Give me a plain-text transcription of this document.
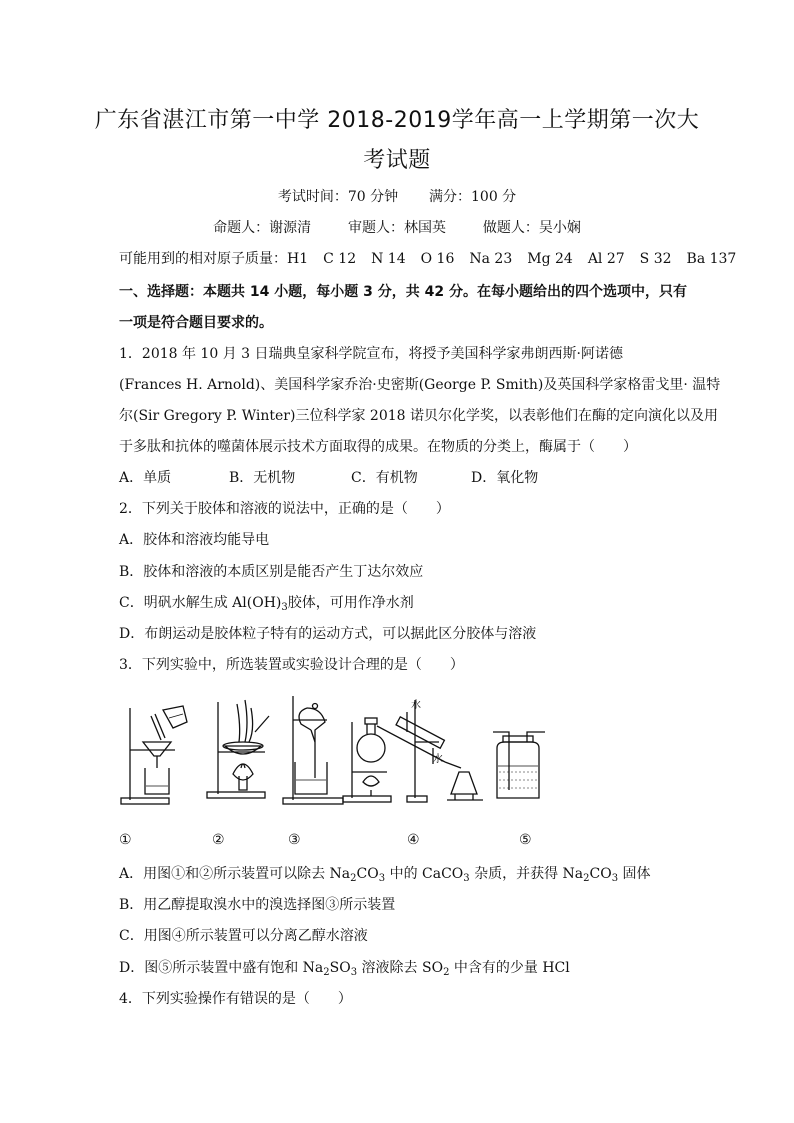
广东省湛江市第一中学 2018-2019学年高一上学期第一次大
考试题
考试时间：70 分钟 满分：100 分
命题人：谢源清	审题人：林国英	做题人：吴小娴
可能用到的相对原子质量：H1 C 12 N 14 O 16 Na 23 Mg 24 Al 27 S 32 Ba 137
一、选择题：本题共 14 小题，每小题 3 分，共 42 分。在每小题给出的四个选项中，只有
一项是符合题目要求的。
1．2018 年 10 月 3 日瑞典皇家科学院宣布，将授予美国科学家弗朗西斯·阿诺德
(Frances H. Arnold)、美国科学家乔治·史密斯(George P. Smith)及英国科学家格雷戈里· 温特
尔(Sir Gregory P. Winter)三位科学家 2018 诺贝尔化学奖，以表彰他们在酶的定向演化以及用
于多肽和抗体的噬菌体展示技术方面取得的成果。在物质的分类上，酶属于（　　）
A．单质	B．无机物	C．有机物	D．氧化物
2．下列关于胶体和溶液的说法中，正确的是（　　）
A．胶体和溶液均能导电
B．胶体和溶液的本质区别是能否产生丁达尔效应
C．明矾水解生成 $Al(OH)_3$胶体，可用作净水剂
D．布朗运动是胶体粒子特有的运动方式，可以据此区分胶体与溶液
3．下列实验中，所选装置或实验设计合理的是（　　）
水
水
①	②	③	④	⑤
A．用图①和②所示装置可以除去 $Na_2CO_3$ 中的 CaCO$_3$ 杂质，并获得 $Na_2CO_3$ 固体
B．用乙醇提取溴水中的溴选择图③所示装置
C．用图④所示装置可以分离乙醇水溶液
D．图⑤所示装置中盛有饱和 $Na_2SO_3$ 溶液除去 $SO_2$ 中含有的少量 HCl
4．下列实验操作有错误的是（　　）
